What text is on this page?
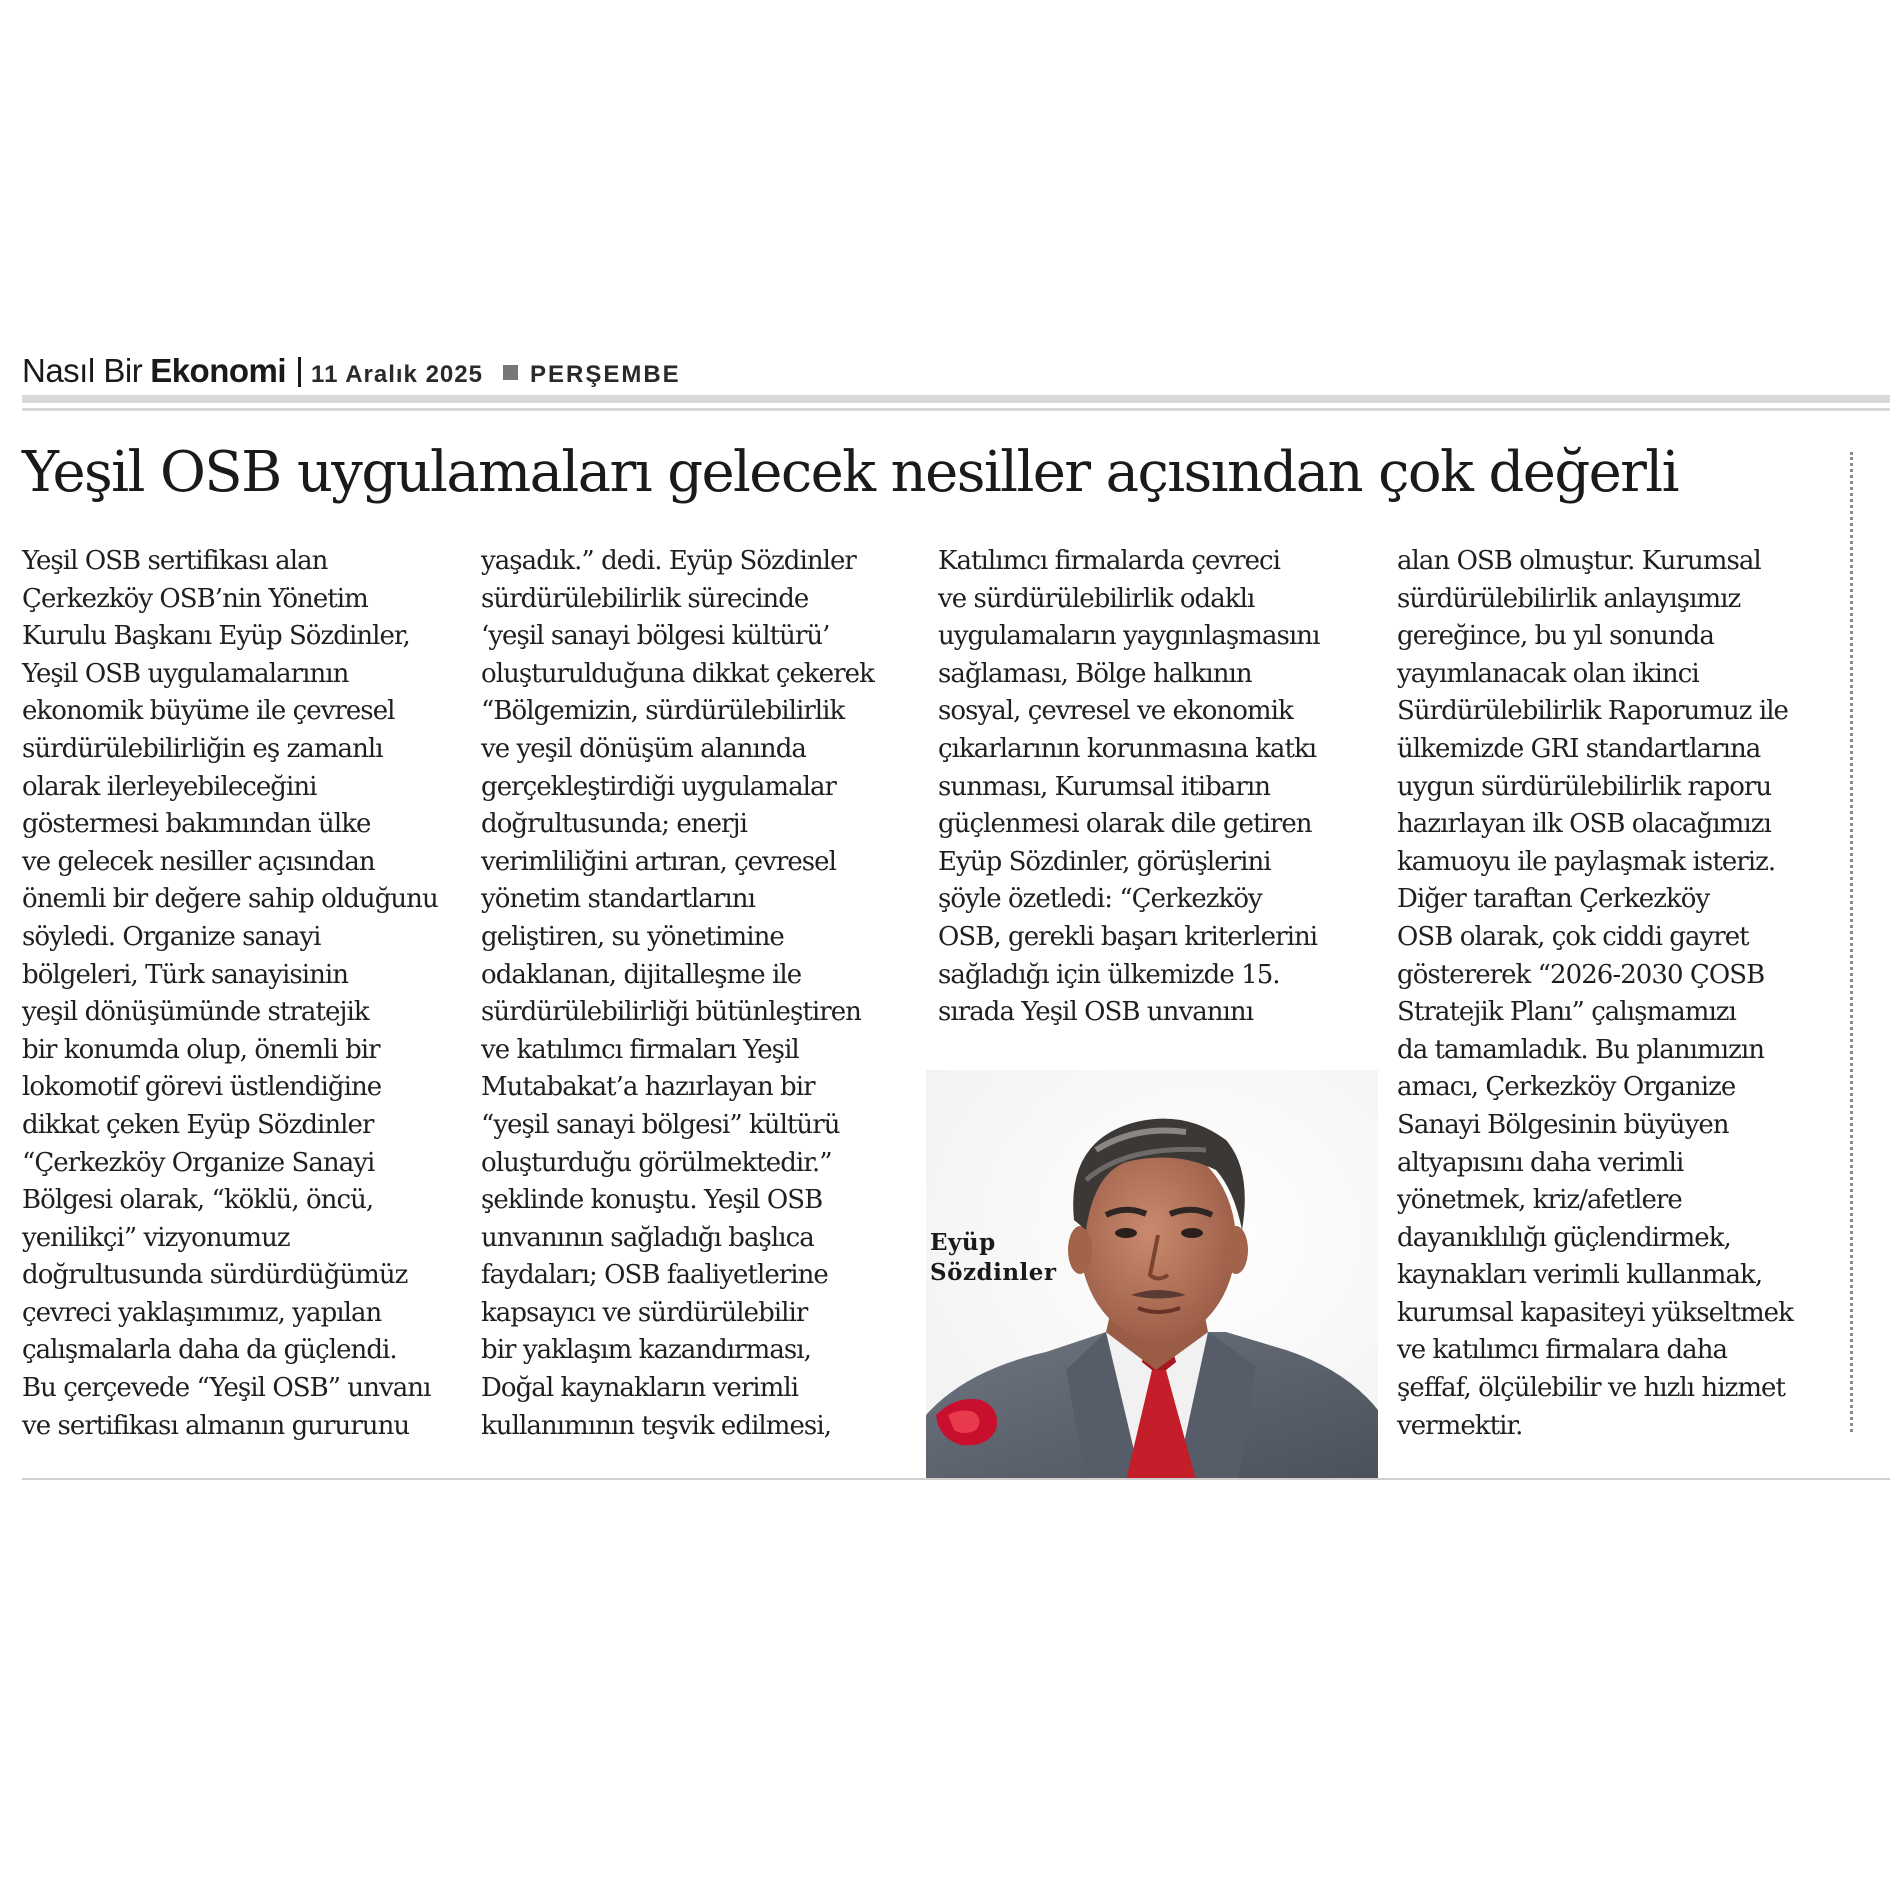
Nasıl Bir Ekonomi 11 Aralık 2025 PERŞEMBE
Yeşil OSB uygulamaları gelecek nesiller açısından çok değerli
Yeşil OSB sertifikası alan
Çerkezköy OSB’nin Yönetim
Kurulu Başkanı Eyüp Sözdinler,
Yeşil OSB uygulamalarının
ekonomik büyüme ile çevresel
sürdürülebilirliğin eş zamanlı
olarak ilerleyebileceğini
göstermesi bakımından ülke
ve gelecek nesiller açısından
önemli bir değere sahip olduğunu
söyledi. Organize sanayi
bölgeleri, Türk sanayisinin
yeşil dönüşümünde stratejik
bir konumda olup, önemli bir
lokomotif görevi üstlendiğine
dikkat çeken Eyüp Sözdinler
“Çerkezköy Organize Sanayi
Bölgesi olarak, “köklü, öncü,
yenilikçi” vizyonumuz
doğrultusunda sürdürdüğümüz
çevreci yaklaşımımız, yapılan
çalışmalarla daha da güçlendi.
Bu çerçevede “Yeşil OSB” unvanı
ve sertifikası almanın gururunu
yaşadık.” dedi. Eyüp Sözdinler
sürdürülebilirlik sürecinde
‘yeşil sanayi bölgesi kültürü’
oluşturulduğuna dikkat çekerek
“Bölgemizin, sürdürülebilirlik
ve yeşil dönüşüm alanında
gerçekleştirdiği uygulamalar
doğrultusunda; enerji
verimliliğini artıran, çevresel
yönetim standartlarını
geliştiren, su yönetimine
odaklanan, dijitalleşme ile
sürdürülebilirliği bütünleştiren
ve katılımcı firmaları Yeşil
Mutabakat’a hazırlayan bir
“yeşil sanayi bölgesi” kültürü
oluşturduğu görülmektedir.”
şeklinde konuştu. Yeşil OSB
unvanının sağladığı başlıca
faydaları; OSB faaliyetlerine
kapsayıcı ve sürdürülebilir
bir yaklaşım kazandırması,
Doğal kaynakların verimli
kullanımının teşvik edilmesi,
Katılımcı firmalarda çevreci
ve sürdürülebilirlik odaklı
uygulamaların yaygınlaşmasını
sağlaması, Bölge halkının
sosyal, çevresel ve ekonomik
çıkarlarının korunmasına katkı
sunması, Kurumsal itibarın
güçlenmesi olarak dile getiren
Eyüp Sözdinler, görüşlerini
şöyle özetledi: “Çerkezköy
OSB, gerekli başarı kriterlerini
sağladığı için ülkemizde 15.
sırada Yeşil OSB unvanını
alan OSB olmuştur. Kurumsal
sürdürülebilirlik anlayışımız
gereğince, bu yıl sonunda
yayımlanacak olan ikinci
Sürdürülebilirlik Raporumuz ile
ülkemizde GRI standartlarına
uygun sürdürülebilirlik raporu
hazırlayan ilk OSB olacağımızı
kamuoyu ile paylaşmak isteriz.
Diğer taraftan Çerkezköy
OSB olarak, çok ciddi gayret
göstererek “2026-2030 ÇOSB
Stratejik Planı” çalışmamızı
da tamamladık. Bu planımızın
amacı, Çerkezköy Organize
Sanayi Bölgesinin büyüyen
altyapısını daha verimli
yönetmek, kriz/afetlere
dayanıklılığı güçlendirmek,
kaynakları verimli kullanmak,
kurumsal kapasiteyi yükseltmek
ve katılımcı firmalara daha
şeffaf, ölçülebilir ve hızlı hizmet
vermektir.
Eyüp
Sözdinler
